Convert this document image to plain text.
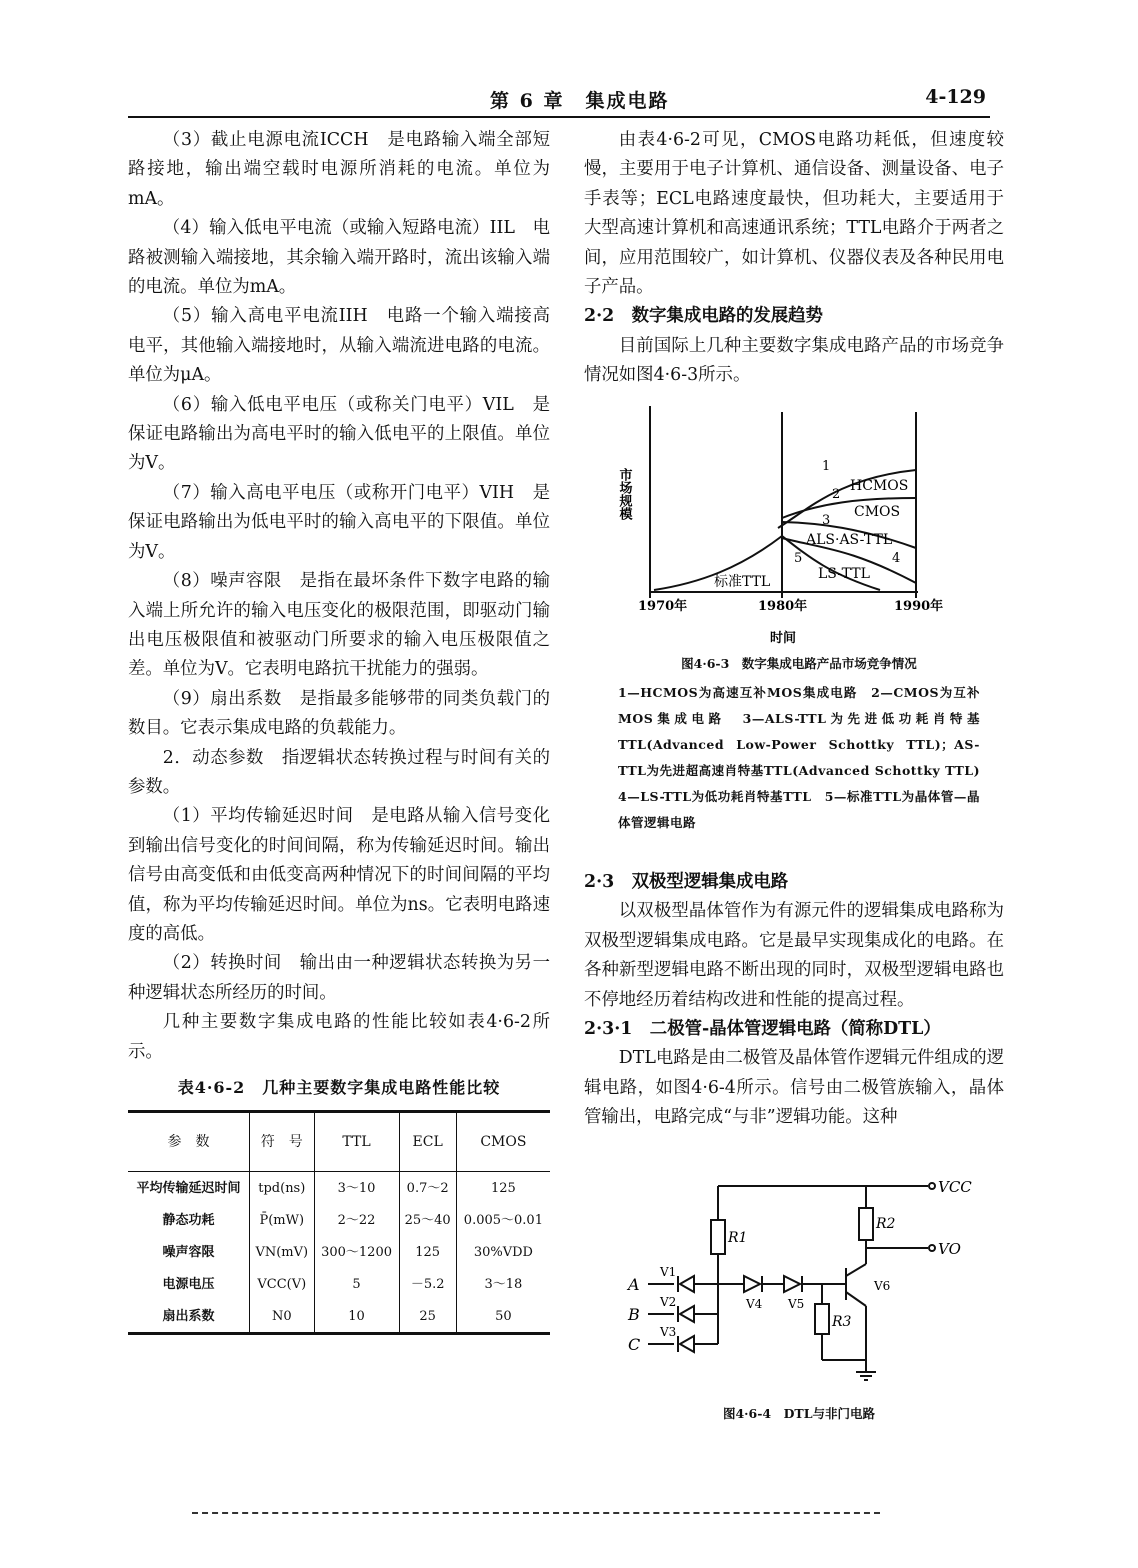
第 6 章　集成电路	4-129

（3）截止电源电流ICCH　是电路输入端全部短路接地，输出端空载时电源所消耗的电流。单位为mA。

（4）输入低电平电流（或输入短路电流）IIL　电路被测输入端接地，其余输入端开路时，流出该输入端的电流。单位为mA。

（5）输入高电平电流IIH　电路一个输入端接高电平，其他输入端接地时，从输入端流进电路的电流。单位为μA。

（6）输入低电平电压（或称关门电平）VIL　是保证电路输出为高电平时的输入低电平的上限值。单位为V。

（7）输入高电平电压（或称开门电平）VIH　是保证电路输出为低电平时的输入高电平的下限值。单位为V。

（8）噪声容限　是指在最坏条件下数字电路的输入端上所允许的输入电压变化的极限范围，即驱动门输出电压极限值和被驱动门所要求的输入电压极限值之差。单位为V。它表明电路抗干扰能力的强弱。

（9）扇出系数　是指最多能够带的同类负载门的数目。它表示集成电路的负载能力。

2．动态参数　指逻辑状态转换过程与时间有关的参数。

（1）平均传输延迟时间　是电路从输入信号变化到输出信号变化的时间间隔，称为传输延迟时间。输出信号由高变低和由低变高两种情况下的时间间隔的平均值，称为平均传输延迟时间。单位为ns。它表明电路速度的高低。

（2）转换时间　输出由一种逻辑状态转换为另一种逻辑状态所经历的时间。

几种主要数字集成电路的性能比较如表4·6-2所示。

表4·6-2　几种主要数字集成电路性能比较
参　数	符　号	TTL	ECL	CMOS
平均传输延迟时间	tpd(ns)	3～10	0.7～2	125
静态功耗	P̄(mW)	2～22	25～40	0.005～0.01
噪声容限	VN(mV)	300～1200	125	30%VDD
电源电压	VCC(V)	5	－5.2	3～18
扇出系数	N0	10	25	50

由表4·6-2可见，CMOS电路功耗低，但速度较慢，主要用于电子计算机、通信设备、测量设备、电子手表等；ECL电路速度最快，但功耗大，主要适用于大型高速计算机和高速通讯系统；TTL电路介于两者之间，应用范围较广，如计算机、仪器仪表及各种民用电子产品。

2·2　数字集成电路的发展趋势

目前国际上几种主要数字集成电路产品的市场竞争情况如图4·6-3所示。

市场规模
1
2
3
4
5
HCMOS
CMOS
ALS·AS-TTL
LS-TTL
标准TTL
1970年	1980年	1990年
时间
图4·6-3　数字集成电路产品市场竞争情况
1—HCMOS为高速互补MOS集成电路　2—CMOS为互补MOS集成电路　3—ALS-TTL为先进低功耗肖特基TTL(Advanced Low-Power Schottky TTL)；AS-TTL为先进超高速肖特基TTL(Advanced Schottky TTL)　4—LS-TTL为低功耗肖特基TTL　5—标准TTL为晶体管—晶体管逻辑电路

2·3　双极型逻辑集成电路

以双极型晶体管作为有源元件的逻辑集成电路称为双极型逻辑集成电路。它是最早实现集成化的电路。在各种新型逻辑电路不断出现的同时，双极型逻辑电路也不停地经历着结构改进和性能的提高过程。

2·3·1　二极管-晶体管逻辑电路（简称DTL）

DTL电路是由二极管及晶体管作逻辑元件组成的逻辑电路，如图4·6-4所示。信号由二极管族输入，晶体管输出，电路完成“与非”逻辑功能。这种

VCC
VO
R1
R2
R3
A
B
C
V1
V2
V3
V4 V5
V6
图4·6-4　DTL与非门电路
